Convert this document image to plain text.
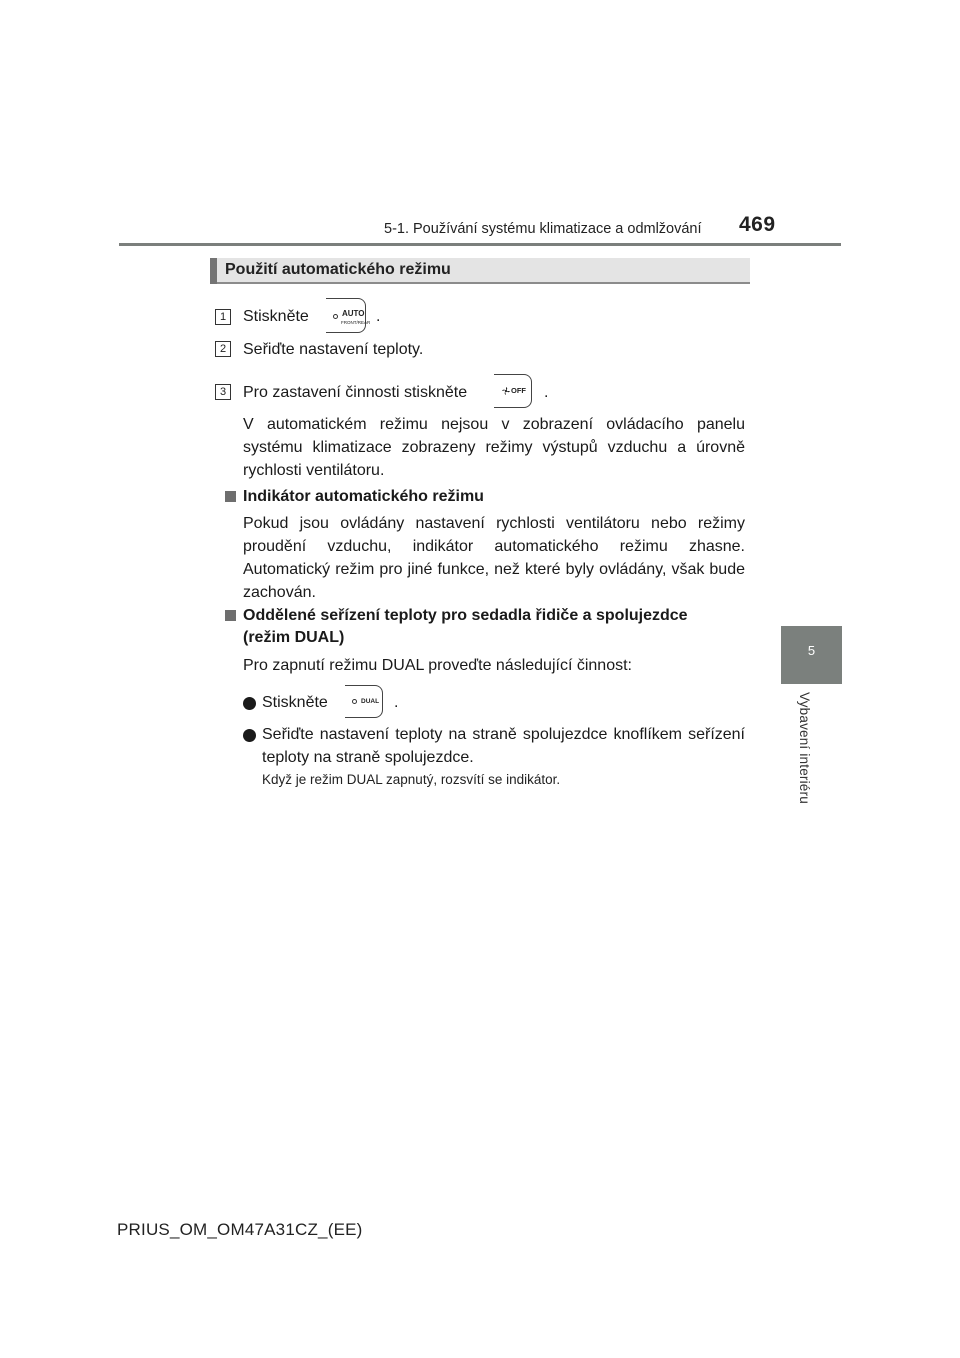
5-1. Používání systému klimatizace a odmlžování 469
5
Vybavení interiéru
Použití automatického režimu
1	Stiskněte	AUTO
FRONT/REAR .
2	Seřiďte nastavení teploty.
3	Pro zastavení činnosti stiskněte	OFF .
V automatickém režimu nejsou v zobrazení ovládacího panelu systému klimatizace zobrazeny režimy výstupů vzduchu a úrovně rychlosti ventilátoru.
Indikátor automatického režimu
Pokud jsou ovládány nastavení rychlosti ventilátoru nebo režimy proudění vzduchu, indikátor automatického režimu zhasne. Automatický režim pro jiné funkce, než které byly ovládány, však bude zachován.
Oddělené seřízení teploty pro sedadla řidiče a spolujezdce
(režim DUAL)
Pro zapnutí režimu DUAL proveďte následující činnost:
Stiskněte	DUAL .
Seřiďte nastavení teploty na straně spolujezdce knoflíkem seřízení teploty na straně spolujezdce.
Když je režim DUAL zapnutý, rozsvítí se indikátor.
PRIUS_OM_OM47A31CZ_(EE)
